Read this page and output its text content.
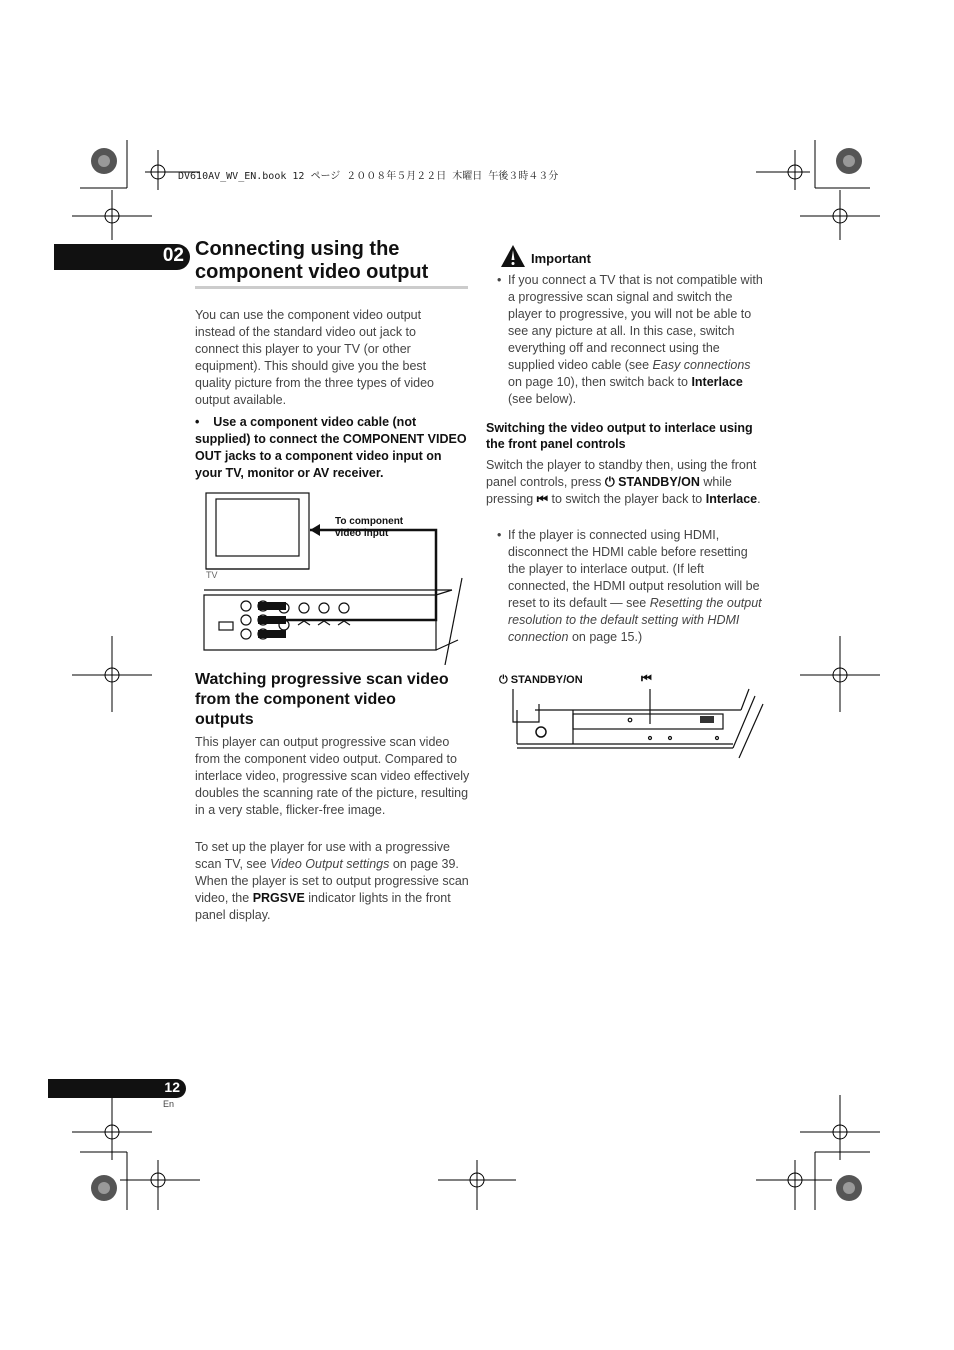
DV610AV_WV_EN.book 12 ページ ２００８年５月２２日 木曜日 午後３時４３分
02 Connecting using the
component video output
You can use the component video output instead of the standard video out jack to connect this player to your TV (or other equipment). This should give you the best quality picture from the three types of video output available.
• Use a component video cable (not supplied) to connect the COMPONENT VIDEO OUT jacks to a component video input on your TV, monitor or AV receiver.
To component
video input
TV
Watching progressive scan video
from the component video
outputs
This player can output progressive scan video from the component video output. Compared to interlace video, progressive scan video effectively doubles the scanning rate of the picture, resulting in a very stable, flicker-free image.
To set up the player for use with a progressive scan TV, see Video Output settings on page 39. When the player is set to output progressive scan video, the PRGSVE indicator lights in the front panel display.
Important
• If you connect a TV that is not compatible with a progressive scan signal and switch the player to progressive, you will not be able to see any picture at all. In this case, switch everything off and reconnect using the supplied video cable (see Easy connections on page 10), then switch back to Interlace (see below).
Switching the video output to interlace using the front panel controls
Switch the player to standby then, using the front panel controls, press ⏻ STANDBY/ON while pressing ⏮ to switch the player back to Interlace.
• If the player is connected using HDMI, disconnect the HDMI cable before resetting the player to interlace output. (If left connected, the HDMI output resolution will be reset to its default — see Resetting the output resolution to the default setting with HDMI connection on page 15.)
⏻ STANDBY/ON	⏮
12
En
